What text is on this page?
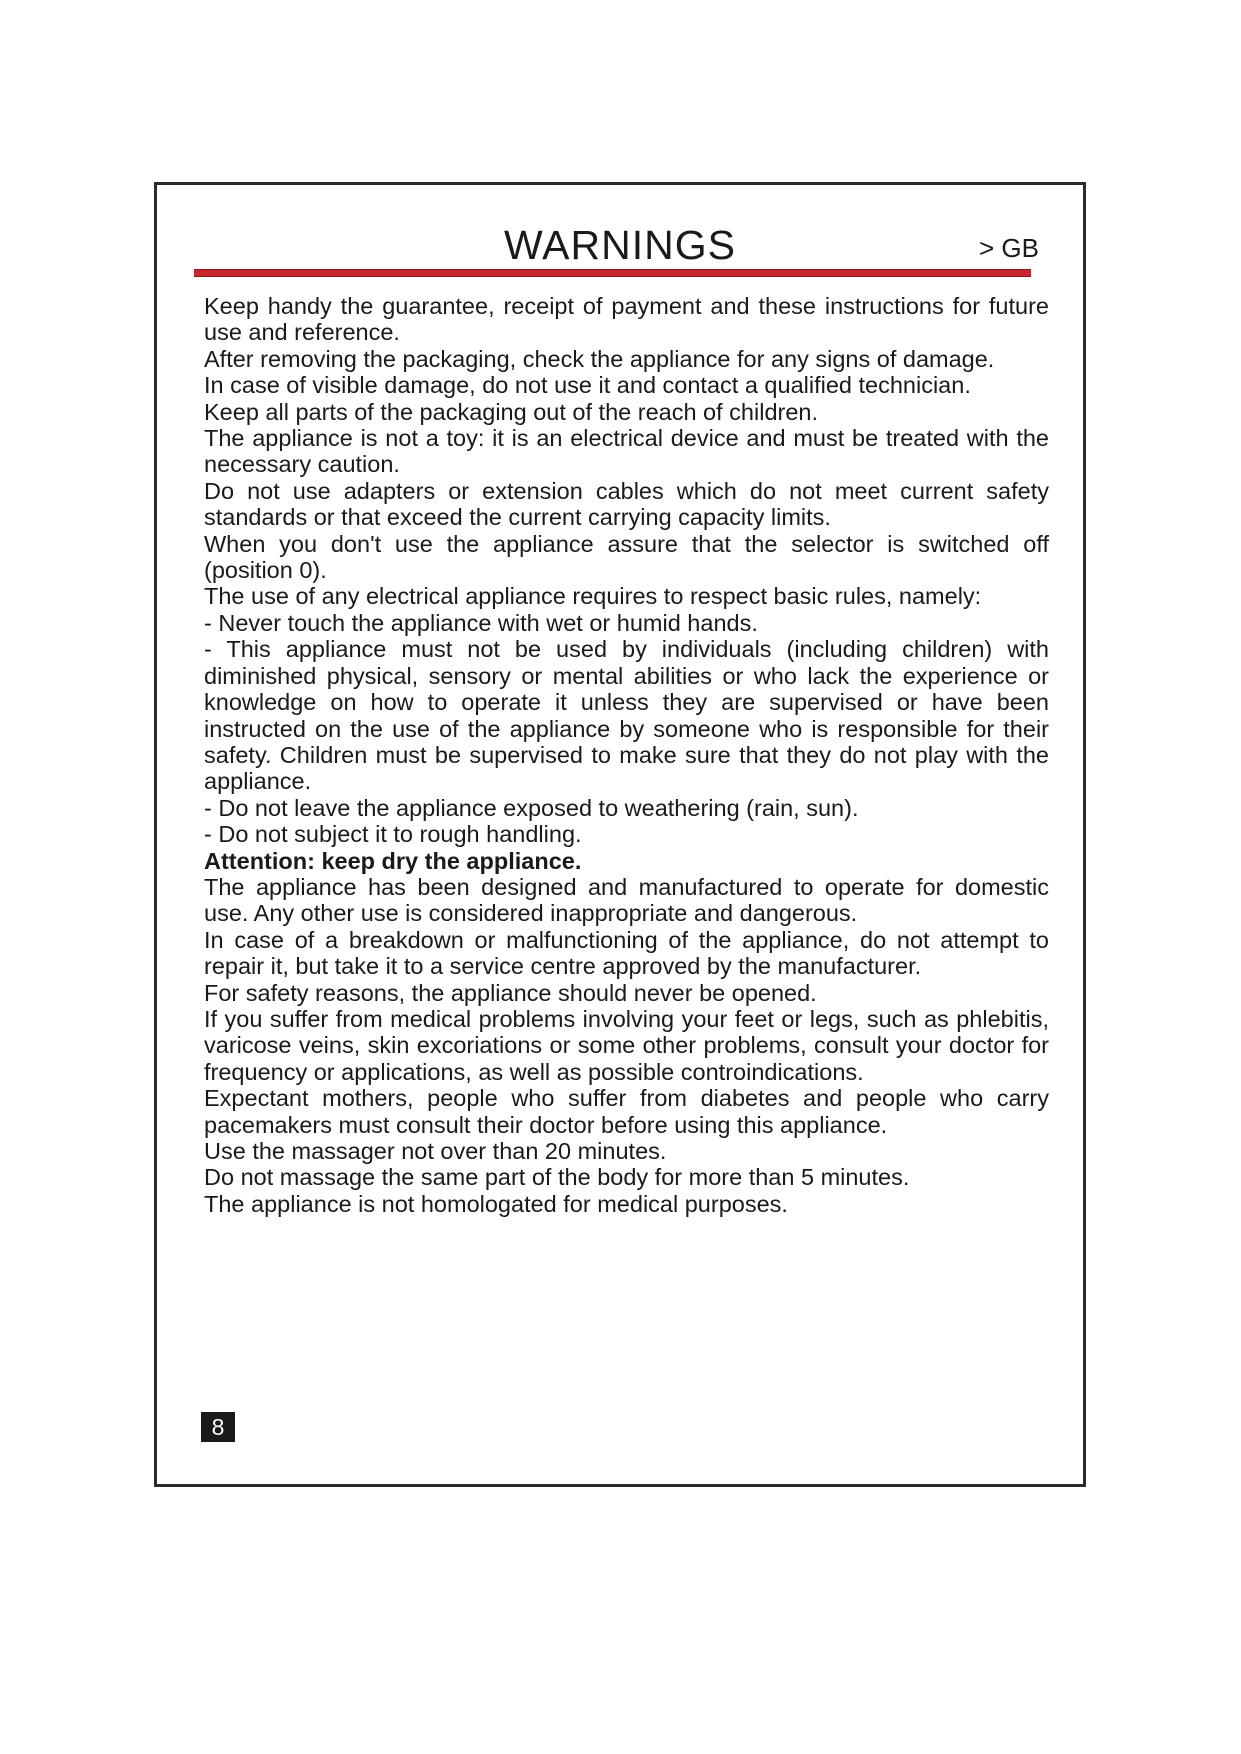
WARNINGS	> GB

Keep handy the guarantee, receipt of payment and these instructions for future use and reference.

After removing the packaging, check the appliance for any signs of damage.

In case of visible damage, do not use it and contact a qualified technician.

Keep all parts of the packaging out of the reach of children.

The appliance is not a toy: it is an electrical device and must be treated with the necessary caution.

Do not use adapters or extension cables which do not meet current safety standards or that exceed the current carrying capacity limits.

When you don't use the appliance assure that the selector is switched off (position 0).

The use of any electrical appliance requires to respect basic rules, namely:

- Never touch the appliance with wet or humid hands.

- This appliance must not be used by individuals (including children) with diminished physical, sensory or mental abilities or who lack the experience or knowledge on how to operate it unless they are supervised or have been instructed on the use of the appliance by someone who is responsible for their safety. Children must be supervised to make sure that they do not play with the appliance.

- Do not leave the appliance exposed to weathering (rain, sun).

- Do not subject it to rough handling.

Attention: keep dry the appliance.

The appliance has been designed and manufactured to operate for domestic use. Any other use is considered inappropriate and dangerous.

In case of a breakdown or malfunctioning of the appliance, do not attempt to repair it, but take it to a service centre approved by the manufacturer.

For safety reasons, the appliance should never be opened.

If you suffer from medical problems involving your feet or legs, such as phlebitis, varicose veins, skin excoriations or some other problems, consult your doctor for frequency or applications, as well as possible controindications.

Expectant mothers, people who suffer from diabetes and people who carry pacemakers must consult their doctor before using this appliance.

Use the massager not over than 20 minutes.

Do not massage the same part of the body for more than 5 minutes.

The appliance is not homologated for medical purposes.

8
